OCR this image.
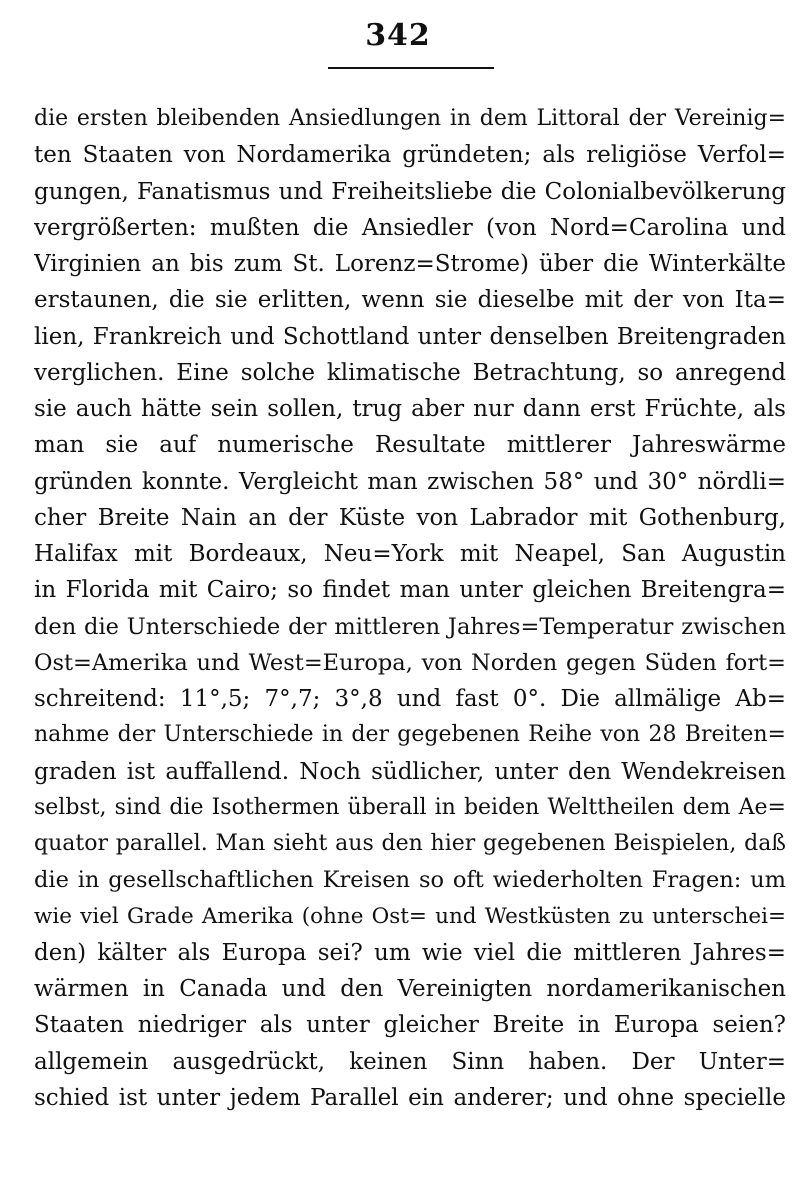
342
die ersten bleibenden Ansiedlungen in dem Littoral der Vereinig=
ten Staaten von Nordamerika gründeten; als religiöse Verfol=
gungen, Fanatismus und Freiheitsliebe die Colonialbevölkerung
vergrößerten: mußten die Ansiedler (von Nord=Carolina und
Virginien an bis zum St. Lorenz=Strome) über die Winterkälte
erstaunen, die sie erlitten, wenn sie dieselbe mit der von Ita=
lien, Frankreich und Schottland unter denselben Breitengraden
verglichen. Eine solche klimatische Betrachtung, so anregend
sie auch hätte sein sollen, trug aber nur dann erst Früchte, als
man sie auf numerische Resultate mittlerer Jahreswärme
gründen konnte. Vergleicht man zwischen 58° und 30° nördli=
cher Breite Nain an der Küste von Labrador mit Gothenburg,
Halifax mit Bordeaux, Neu=York mit Neapel, San Augustin
in Florida mit Cairo; so findet man unter gleichen Breitengra=
den die Unterschiede der mittleren Jahres=Temperatur zwischen
Ost=Amerika und West=Europa, von Norden gegen Süden fort=
schreitend: 11°,5; 7°,7; 3°,8 und fast 0°. Die allmälige Ab=
nahme der Unterschiede in der gegebenen Reihe von 28 Breiten=
graden ist auffallend. Noch südlicher, unter den Wendekreisen
selbst, sind die Isothermen überall in beiden Welttheilen dem Ae=
quator parallel. Man sieht aus den hier gegebenen Beispielen, daß
die in gesellschaftlichen Kreisen so oft wiederholten Fragen: um
wie viel Grade Amerika (ohne Ost= und Westküsten zu unterschei=
den) kälter als Europa sei? um wie viel die mittleren Jahres=
wärmen in Canada und den Vereinigten nordamerikanischen
Staaten niedriger als unter gleicher Breite in Europa seien?
allgemein ausgedrückt, keinen Sinn haben. Der Unter=
schied ist unter jedem Parallel ein anderer; und ohne specielle
